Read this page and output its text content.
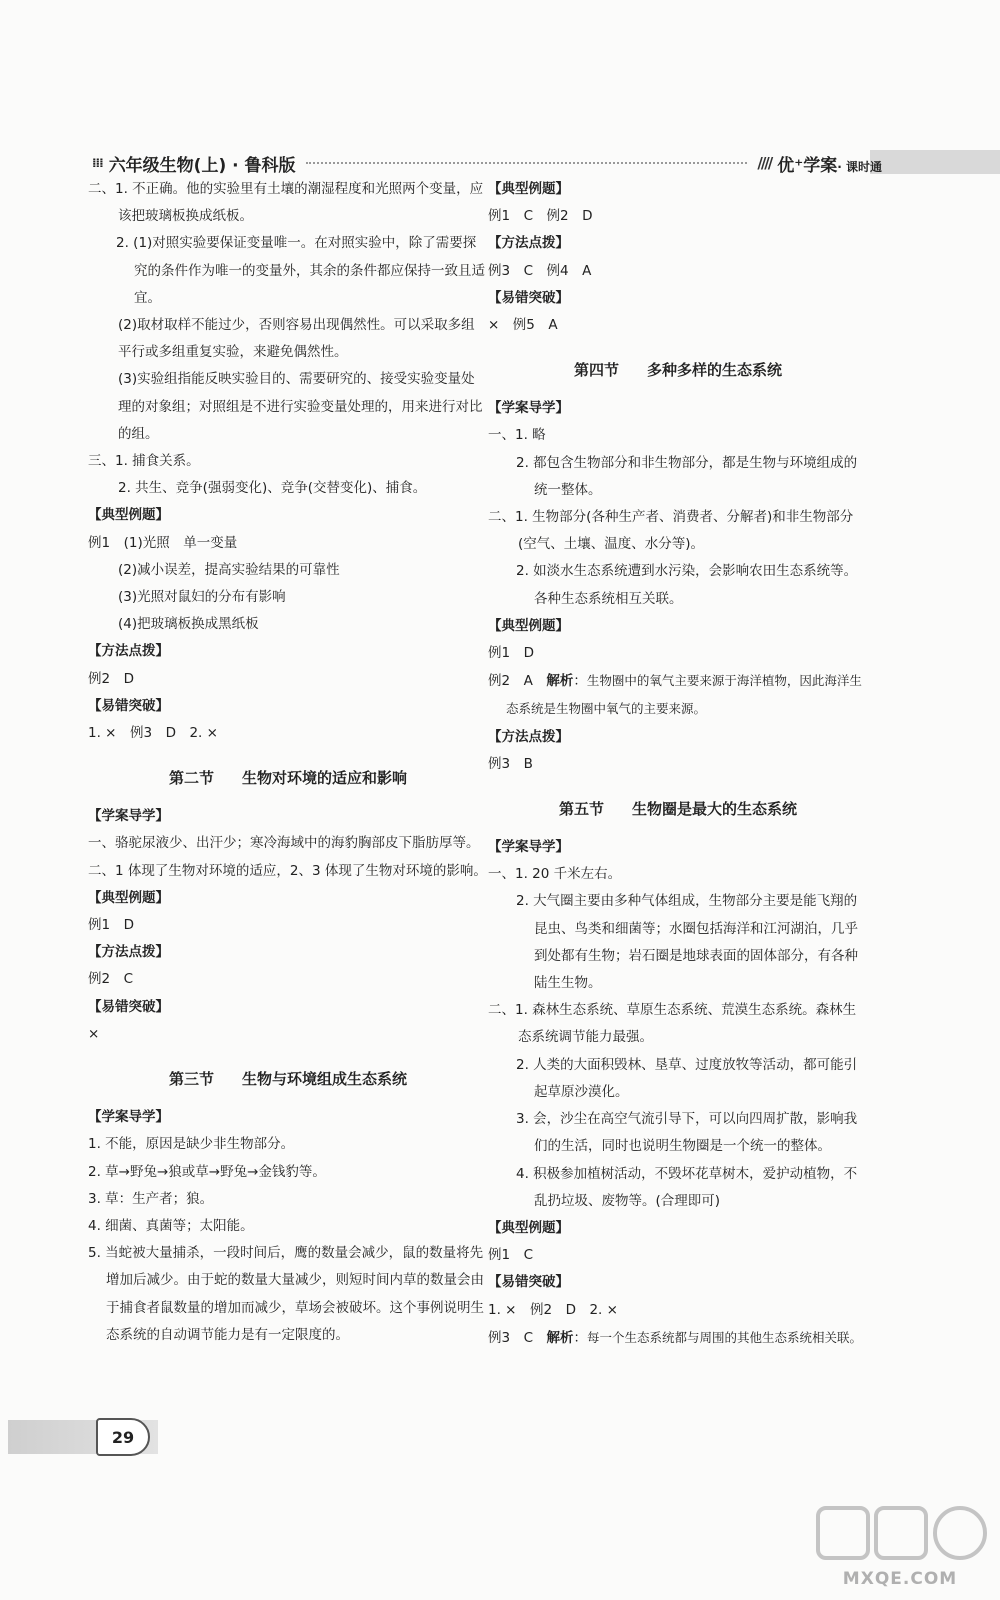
⁞⁞⁞ 六年级生物(上) · 鲁科版	//// 优⁺学案· 课时通

二、1. 不正确。他的实验里有土壤的潮湿程度和光照两个变量，应该把玻璃板换成纸板。

2. (1)对照实验要保证变量唯一。在对照实验中，除了需要探究的条件作为唯一的变量外，其余的条件都应保持一致且适宜。

(2)取材取样不能过少，否则容易出现偶然性。可以采取多组平行或多组重复实验，来避免偶然性。

(3)实验组指能反映实验目的、需要研究的、接受实验变量处理的对象组；对照组是不进行实验变量处理的，用来进行对比的组。

三、1. 捕食关系。

2. 共生、竞争(强弱变化)、竞争(交替变化)、捕食。

【典型例题】

例1　(1)光照　单一变量

(2)减小误差，提高实验结果的可靠性

(3)光照对鼠妇的分布有影响

(4)把玻璃板换成黑纸板

【方法点拨】

例2　D

【易错突破】

1. ×　例3　D　2. ×

第二节 生物对环境的适应和影响

【学案导学】

一、骆驼尿液少、出汗少；寒冷海域中的海豹胸部皮下脂肪厚等。

二、1 体现了生物对环境的适应，2、3 体现了生物对环境的影响。

【典型例题】

例1　D

【方法点拨】

例2　C

【易错突破】

×

第三节 生物与环境组成生态系统

【学案导学】

1. 不能，原因是缺少非生物部分。

2. 草→野兔→狼或草→野兔→金钱豹等。

3. 草：生产者；狼。

4. 细菌、真菌等；太阳能。

5. 当蛇被大量捕杀，一段时间后，鹰的数量会减少，鼠的数量将先增加后减少。由于蛇的数量大量减少，则短时间内草的数量会由于捕食者鼠数量的增加而减少，草场会被破坏。这个事例说明生态系统的自动调节能力是有一定限度的。

【典型例题】

例1　C　例2　D

【方法点拨】

例3　C　例4　A

【易错突破】

×　例5　A

第四节 多种多样的生态系统

【学案导学】

一、1. 略

2. 都包含生物部分和非生物部分，都是生物与环境组成的统一整体。

二、1. 生物部分(各种生产者、消费者、分解者)和非生物部分(空气、土壤、温度、水分等)。

2. 如淡水生态系统遭到水污染，会影响农田生态系统等。各种生态系统相互关联。

【典型例题】

例1　D

例2　A　解析：生物圈中的氧气主要来源于海洋植物，因此海洋生态系统是生物圈中氧气的主要来源。

【方法点拨】

例3　B

第五节 生物圈是最大的生态系统

【学案导学】

一、1. 20 千米左右。

2. 大气圈主要由多种气体组成，生物部分主要是能飞翔的昆虫、鸟类和细菌等；水圈包括海洋和江河湖泊，几乎到处都有生物；岩石圈是地球表面的固体部分，有各种陆生生物。

二、1. 森林生态系统、草原生态系统、荒漠生态系统。森林生态系统调节能力最强。

2. 人类的大面积毁林、垦草、过度放牧等活动，都可能引起草原沙漠化。

3. 会，沙尘在高空气流引导下，可以向四周扩散，影响我们的生活，同时也说明生物圈是一个统一的整体。

4. 积极参加植树活动，不毁坏花草树木，爱护动植物，不乱扔垃圾、废物等。(合理即可)

【典型例题】

例1　C

【易错突破】

1. ×　例2　D　2. ×

例3　C　解析：每一个生态系统都与周围的其他生态系统相关联。

29
MXQE.COM
